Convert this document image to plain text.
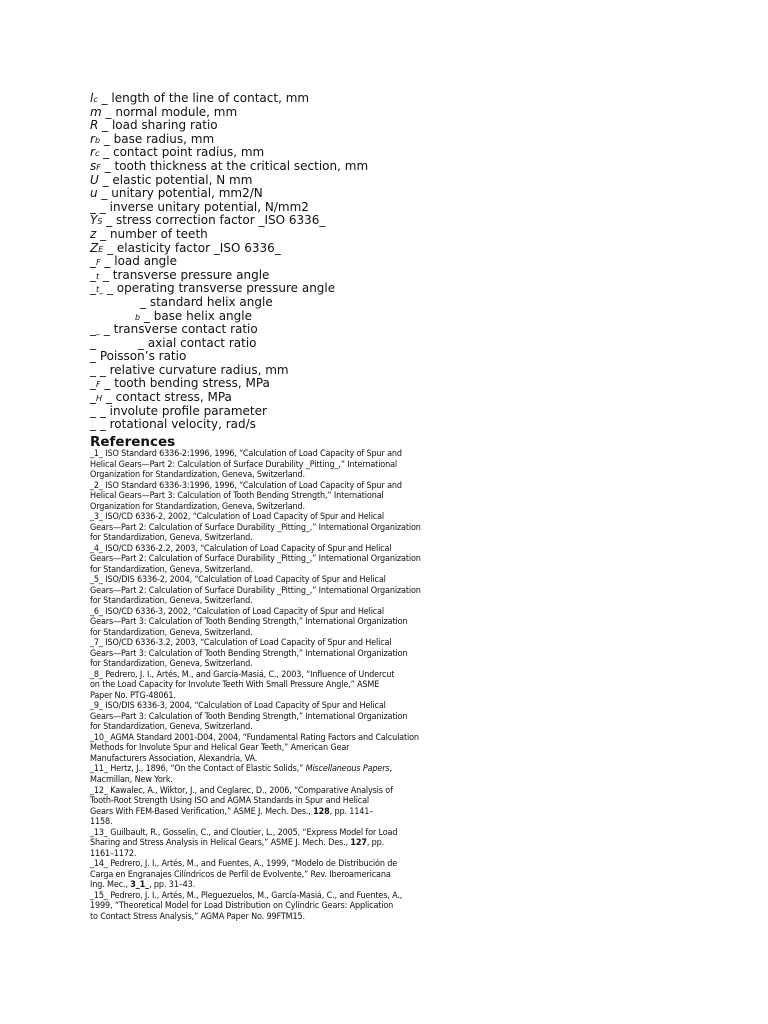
lc _ length of the line of contact, mm
m _ normal module, mm
R _ load sharing ratio
rb _ base radius, mm
rc _ contact point radius, mm
sF _ tooth thickness at the critical section, mm
U _ elastic potential, N mm
u _ unitary potential, mm2/N
_ _ inverse unitary potential, N/mm2
YS _ stress correction factor _ISO 6336_
z _ number of teeth
ZE _ elasticity factor _ISO 6336_
_F _ load angle
_t _ transverse pressure angle
_t_ _ operating transverse pressure angle
_ standard helix angle
b _ base helix angle
__ _ transverse contact ratio
_	_ axial contact ratio
_ Poisson’s ratio
_ _ relative curvature radius, mm
_F _ tooth bending stress, MPa
_H _ contact stress, MPa
_ _ involute profile parameter
_ _ rotational velocity, rad/s
References
_1_ ISO Standard 6336-2:1996, 1996, “Calculation of Load Capacity of Spur and
Helical Gears—Part 2: Calculation of Surface Durability _Pitting_,” International
Organization for Standardization, Geneva, Switzerland.
_2_ ISO Standard 6336-3:1996, 1996, “Calculation of Load Capacity of Spur and
Helical Gears—Part 3: Calculation of Tooth Bending Strength,” International
Organization for Standardization, Geneva, Switzerland.
_3_ ISO/CD 6336-2, 2002, “Calculation of Load Capacity of Spur and Helical
Gears—Part 2: Calculation of Surface Durability _Pitting_,” International Organization
for Standardization, Geneva, Switzerland.
_4_ ISO/CD 6336-2.2, 2003, “Calculation of Load Capacity of Spur and Helical
Gears—Part 2: Calculation of Surface Durability _Pitting_,” International Organization
for Standardization, Geneva, Switzerland.
_5_ ISO/DIS 6336-2, 2004, “Calculation of Load Capacity of Spur and Helical
Gears—Part 2: Calculation of Surface Durability _Pitting_,” International Organization
for Standardization, Geneva, Switzerland.
_6_ ISO/CD 6336-3, 2002, “Calculation of Load Capacity of Spur and Helical
Gears—Part 3: Calculation of Tooth Bending Strength,” International Organization
for Standardization, Geneva, Switzerland.
_7_ ISO/CD 6336-3.2, 2003, “Calculation of Load Capacity of Spur and Helical
Gears—Part 3: Calculation of Tooth Bending Strength,” International Organization
for Standardization, Geneva, Switzerland.
_8_ Pedrero, J. I., Artés, M., and García-Masiá, C., 2003, “Influence of Undercut
on the Load Capacity for Involute Teeth With Small Pressure Angle,” ASME
Paper No. PTG-48061.
_9_ ISO/DIS 6336-3, 2004, “Calculation of Load Capacity of Spur and Helical
Gears—Part 3: Calculation of Tooth Bending Strength,” International Organization
for Standardization, Geneva, Switzerland.
_10_ AGMA Standard 2001-D04, 2004, “Fundamental Rating Factors and Calculation
Methods for Involute Spur and Helical Gear Teeth,” American Gear
Manufacturers Association, Alexandria, VA.
_11_ Hertz, J., 1896, “On the Contact of Elastic Solids,” Miscellaneous Papers,
Macmillan, New York.
_12_ Kawalec, A., Wiktor, J., and Ceglarec, D., 2006, “Comparative Analysis of
Tooth-Root Strength Using ISO and AGMA Standards in Spur and Helical
Gears With FEM-Based Verification,” ASME J. Mech. Des., 128, pp. 1141–
1158.
_13_ Guilbault, R., Gosselin, C., and Cloutier, L., 2005, “Express Model for Load
Sharing and Stress Analysis in Helical Gears,” ASME J. Mech. Des., 127, pp.
1161–1172.
_14_ Pedrero, J. I., Artés, M., and Fuentes, A., 1999, “Modelo de Distribución de
Carga en Engranajes Cilíndricos de Perfil de Evolvente,” Rev. Iberoamericana
Ing. Mec., 3_1_, pp. 31–43.
_15_ Pedrero, J. I., Artés, M., Pleguezuelos, M., García-Masiá, C., and Fuentes, A.,
1999, “Theoretical Model for Load Distribution on Cylindric Gears: Application
to Contact Stress Analysis,” AGMA Paper No. 99FTM15.
